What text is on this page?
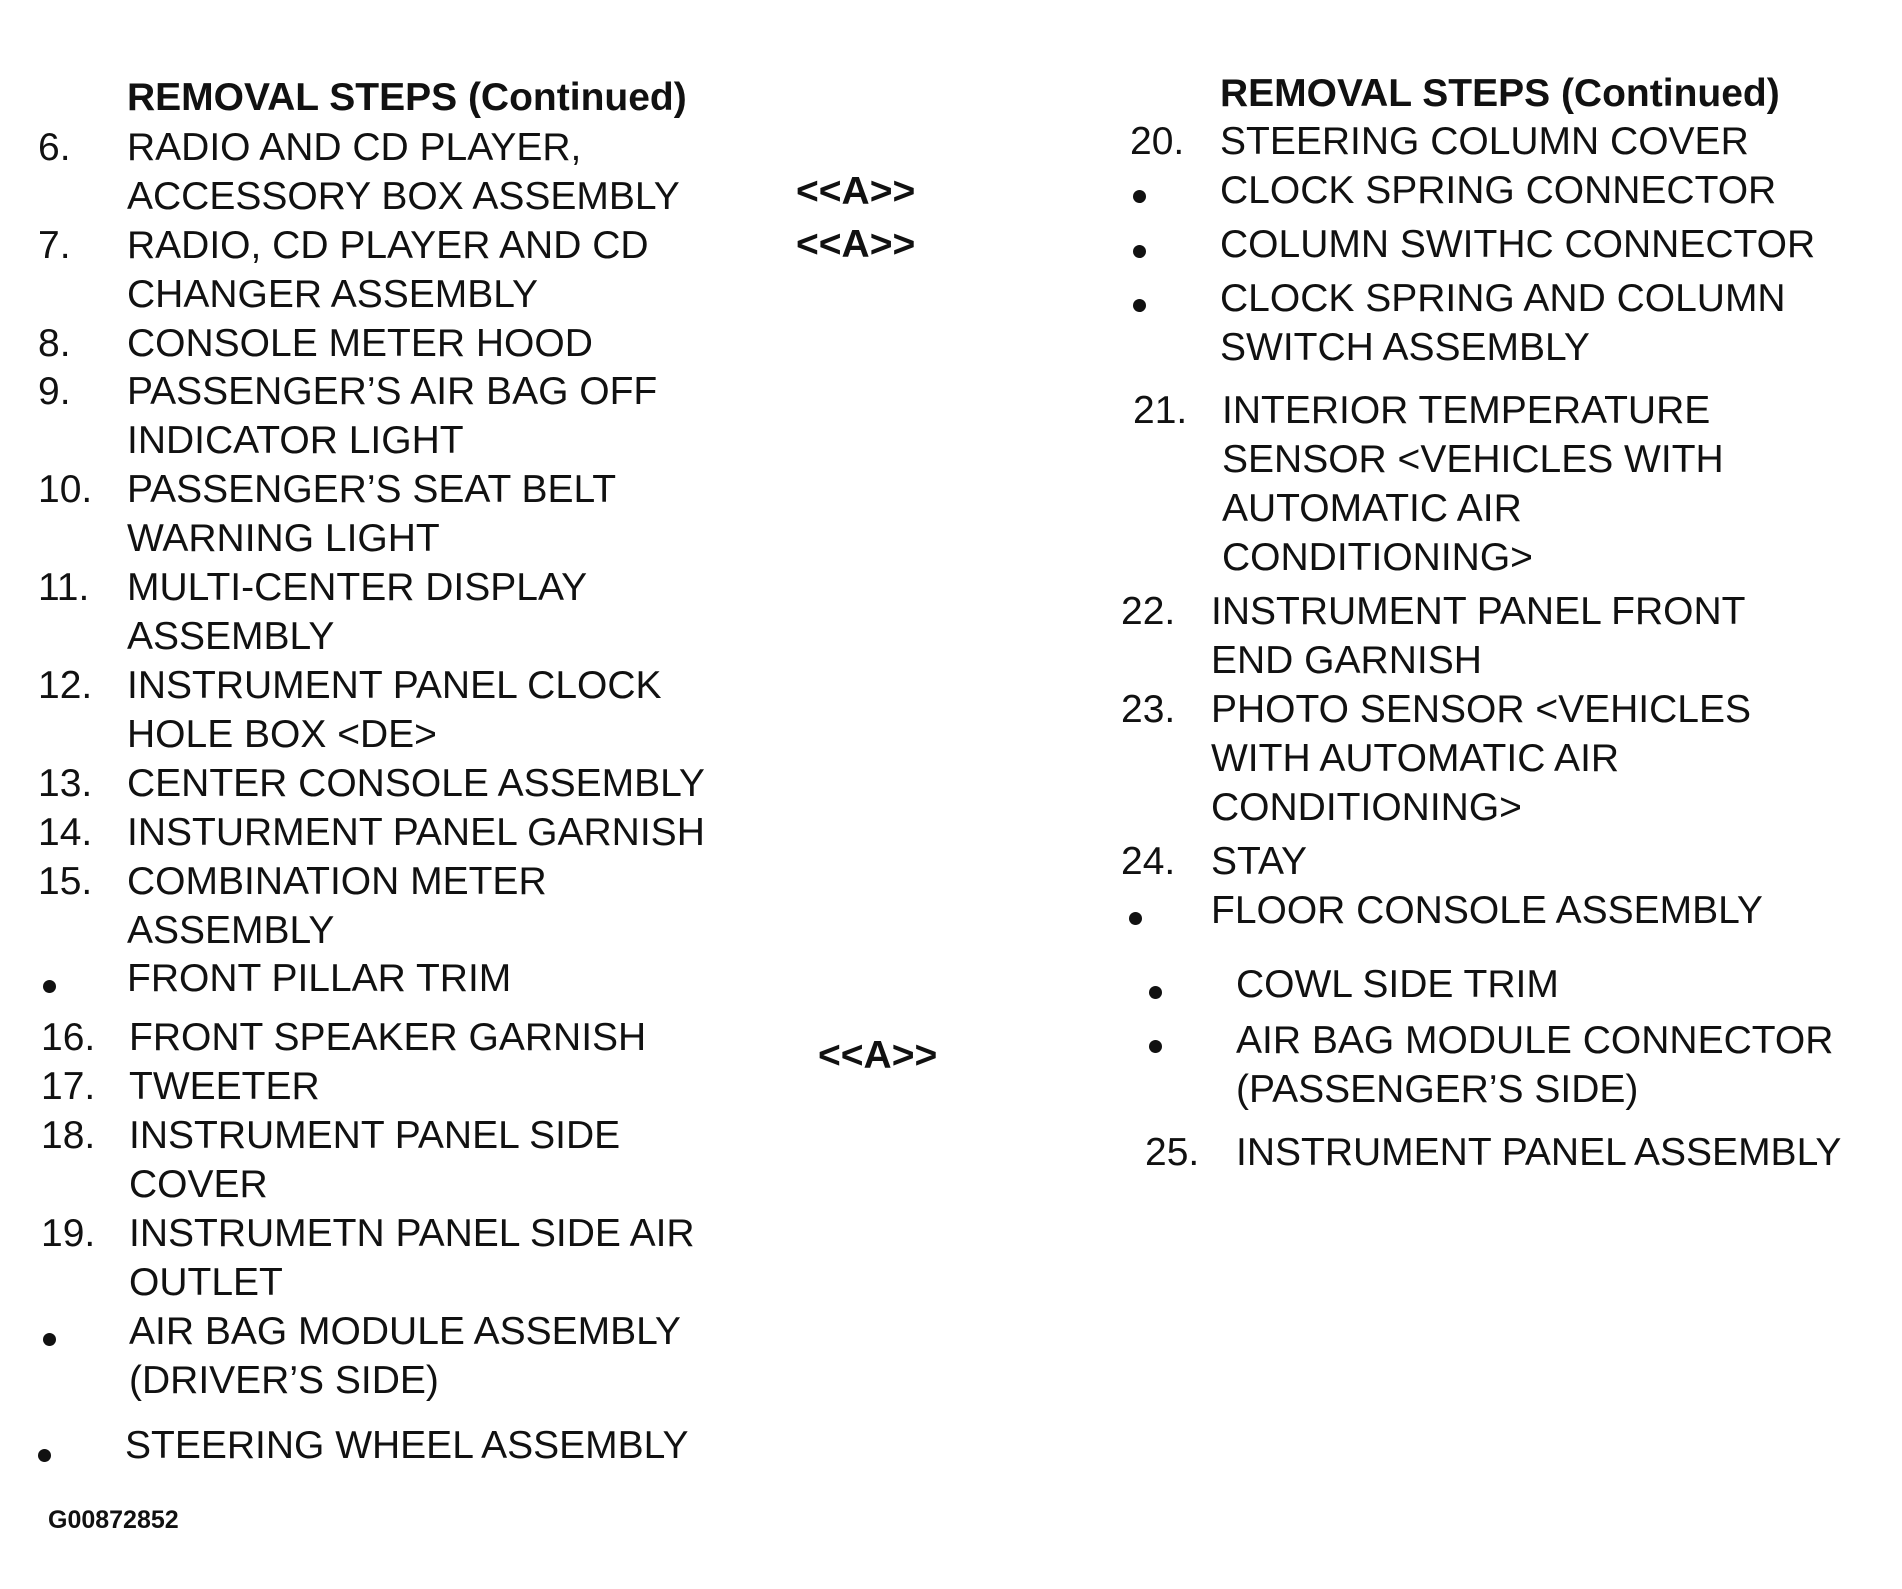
REMOVAL STEPS (Continued)
6. RADIO AND CD PLAYER,
ACCESSORY BOX ASSEMBLY
7. RADIO, CD PLAYER AND CD
CHANGER ASSEMBLY
8. CONSOLE METER HOOD
9. PASSENGER’S AIR BAG OFF
INDICATOR LIGHT
10. PASSENGER’S SEAT BELT
WARNING LIGHT
11. MULTI-CENTER DISPLAY
ASSEMBLY
12. INSTRUMENT PANEL CLOCK
HOLE BOX <DE>
13. CENTER CONSOLE ASSEMBLY
14. INSTURMENT PANEL GARNISH
15. COMBINATION METER
ASSEMBLY
FRONT PILLAR TRIM
16. FRONT SPEAKER GARNISH
17. TWEETER
18. INSTRUMENT PANEL SIDE
COVER
19. INSTRUMETN PANEL SIDE AIR
OUTLET
AIR BAG MODULE ASSEMBLY
(DRIVER’S SIDE)
STEERING WHEEL ASSEMBLY
G00872852
<<A>>
<<A>>
<<A>>
REMOVAL STEPS (Continued)
20. STEERING COLUMN COVER
CLOCK SPRING CONNECTOR
COLUMN SWITHC CONNECTOR
CLOCK SPRING AND COLUMN
SWITCH ASSEMBLY
21. INTERIOR TEMPERATURE
SENSOR <VEHICLES WITH
AUTOMATIC AIR
CONDITIONING>
22. INSTRUMENT PANEL FRONT
END GARNISH
23. PHOTO SENSOR <VEHICLES
WITH AUTOMATIC AIR
CONDITIONING>
24. STAY
FLOOR CONSOLE ASSEMBLY
COWL SIDE TRIM
AIR BAG MODULE CONNECTOR
(PASSENGER’S SIDE)
25. INSTRUMENT PANEL ASSEMBLY
